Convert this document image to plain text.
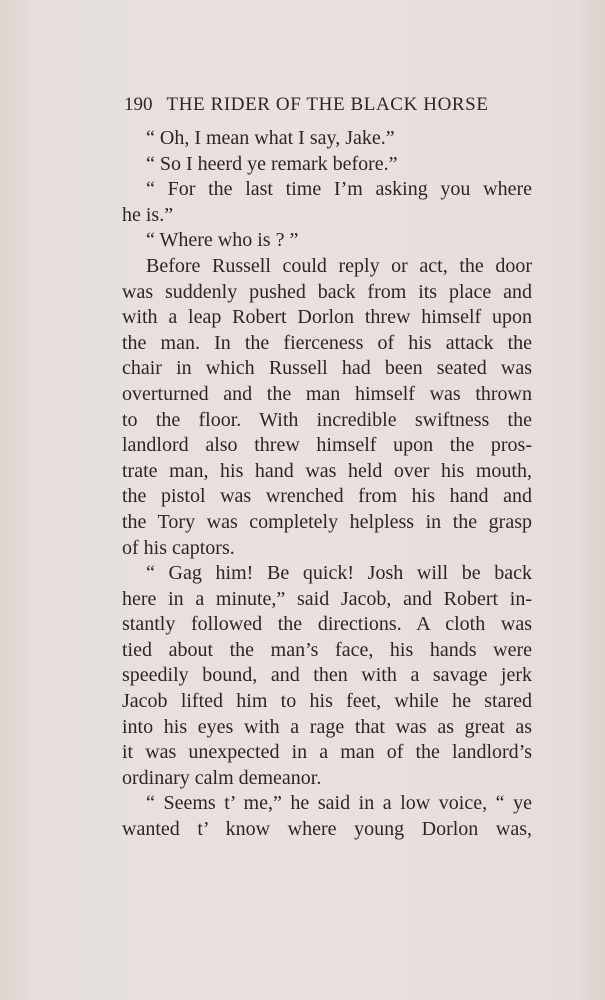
190 THE RIDER OF THE BLACK HORSE
“ Oh, I mean what I say, Jake.”
“ So I heerd ye remark before.”
“ For the last time I’m asking you where
he is.”
“ Where who is ? ”
Before Russell could reply or act, the door
was suddenly pushed back from its place and
with a leap Robert Dorlon threw himself upon
the man. In the fierceness of his attack the
chair in which Russell had been seated was
overturned and the man himself was thrown
to the floor. With incredible swiftness the
landlord also threw himself upon the pros-
trate man, his hand was held over his mouth,
the pistol was wrenched from his hand and
the Tory was completely helpless in the grasp
of his captors.
“ Gag him! Be quick! Josh will be back
here in a minute,” said Jacob, and Robert in-
stantly followed the directions. A cloth was
tied about the man’s face, his hands were
speedily bound, and then with a savage jerk
Jacob lifted him to his feet, while he stared
into his eyes with a rage that was as great as
it was unexpected in a man of the landlord’s
ordinary calm demeanor.
“ Seems t’ me,” he said in a low voice, “ ye
wanted t’ know where young Dorlon was,
